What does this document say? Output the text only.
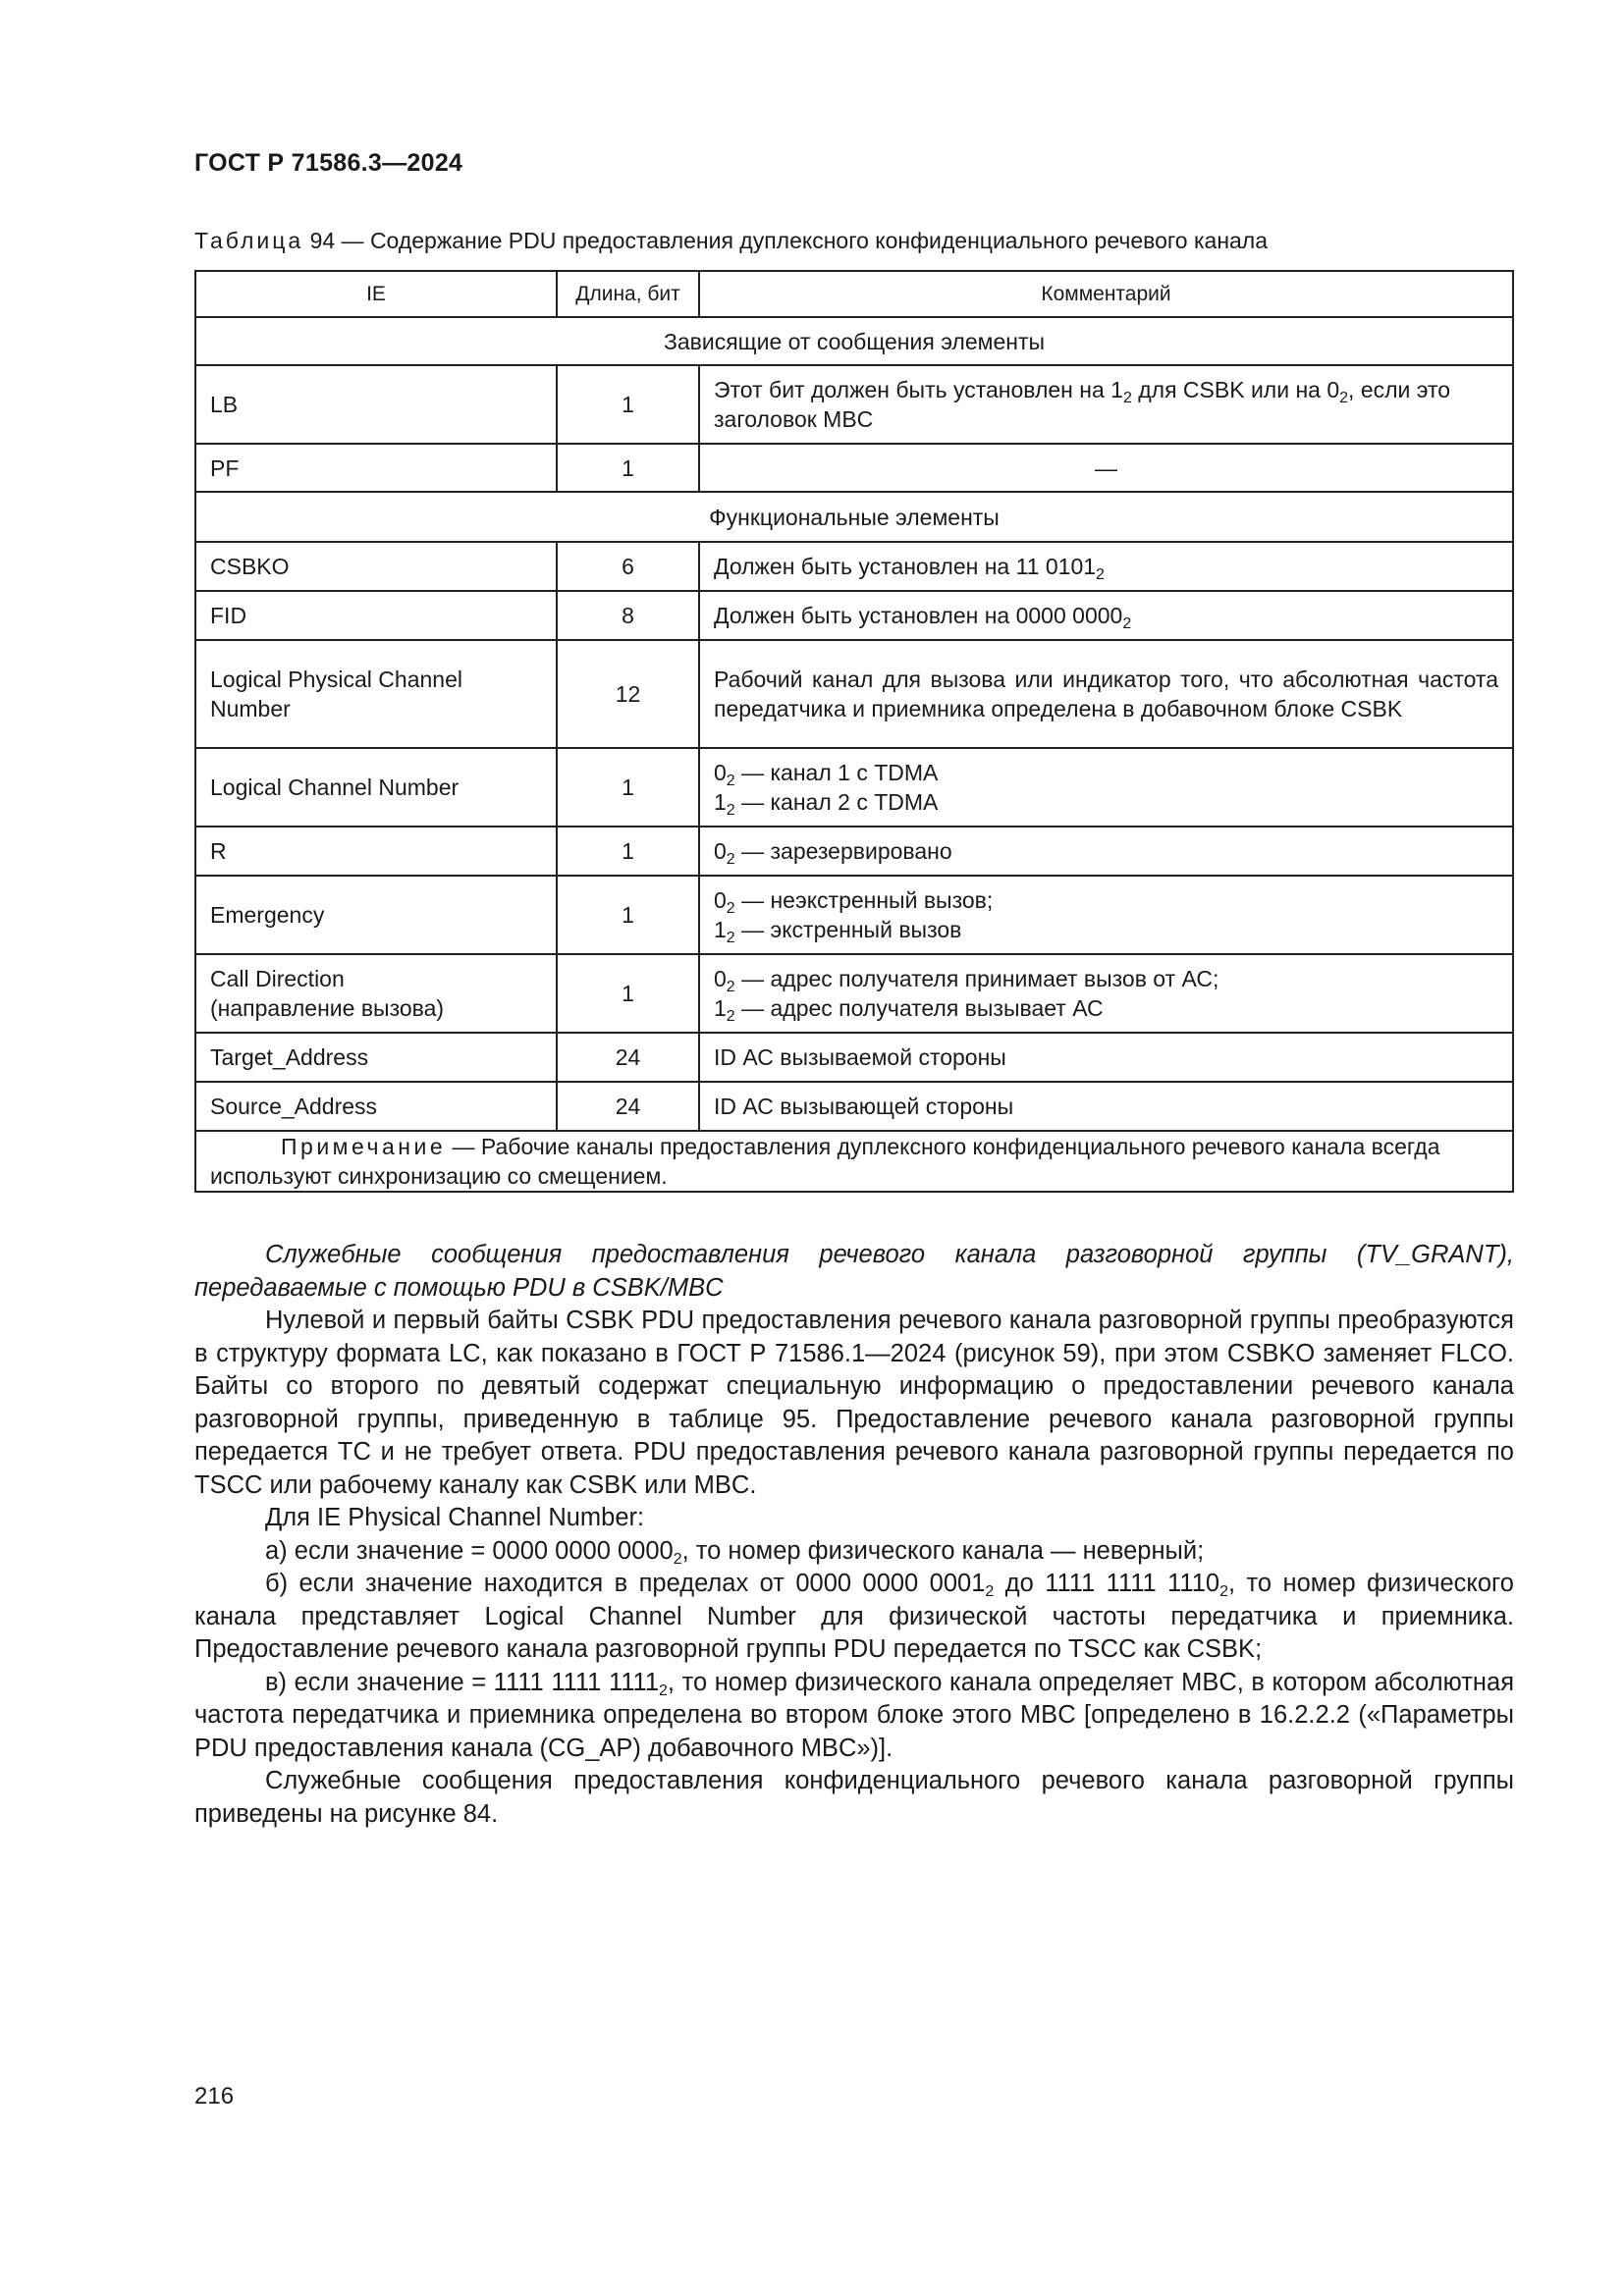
ГОСТ Р 71586.3—2024
Таблица 94 — Содержание PDU предоставления дуплексного конфиденциального речевого канала
IE	Длина, бит	Комментарий
Зависящие от сообщения элементы		
LB	1	Этот бит должен быть установлен на $1_2$ для CSBK или на $0_2$, если это заголовок MBC
PF	1	—
Функциональные элементы		
CSBKO	6	Должен быть установлен на 11 $0101_2$
FID	8	Должен быть установлен на 0000 $0000_2$
Logical Physical Channel Number	12	Рабочий канал для вызова или индикатор того, что абсолютная частота передатчика и приемника определена в добавочном блоке CSBK
Logical Channel Number	1	$0_2$ — канал 1 с TDMA
$1_2$ — канал 2 с TDMA
R	1	$0_2$ — зарезервировано
Emergency	1	$0_2$ — неэкстренный вызов;
$1_2$ — экстренный вызов
Call Direction
(направление вызова)	1	$0_2$ — адрес получателя принимает вызов от АС;
$1_2$ — адрес получателя вызывает АС
Target_Address	24	ID АС вызываемой стороны
Source_Address	24	ID АС вызывающей стороны
Примечание — Рабочие каналы предоставления дуплексного конфиденциального речевого канала всегда используют синхронизацию со смещением.		

Служебные сообщения предоставления речевого канала разговорной группы (TV_GRANT), передаваемые с помощью PDU в CSBK/MBC

Нулевой и первый байты CSBK PDU предоставления речевого канала разговорной группы преобразуются в структуру формата LC, как показано в ГОСТ Р 71586.1—2024 (рисунок 59), при этом CSBKO заменяет FLCO. Байты со второго по девятый содержат специальную информацию о предоставлении речевого канала разговорной группы, приведенную в таблице 95. Предоставление речевого канала разговорной группы передается ТС и не требует ответа. PDU предоставления речевого канала разговорной группы передается по TSCC или рабочему каналу как CSBK или MBC.

Для IE Physical Channel Number:

а) если значение = 0000 0000 $0000_2$, то номер физического канала — неверный;

б) если значение находится в пределах от 0000 0000 $0001_2$ до 1111 1111 $1110_2$, то номер физического канала представляет Logical Channel Number для физической частоты передатчика и приемника. Предоставление речевого канала разговорной группы PDU передается по TSCC как CSBK;

в) если значение = 1111 1111 $1111_2$, то номер физического канала определяет MBC, в котором абсолютная частота передатчика и приемника определена во втором блоке этого MBC [определено в 16.2.2.2 («Параметры PDU предоставления канала (CG_AP) добавочного MBC»)].

Служебные сообщения предоставления конфиденциального речевого канала разговорной группы приведены на рисунке 84.

216
